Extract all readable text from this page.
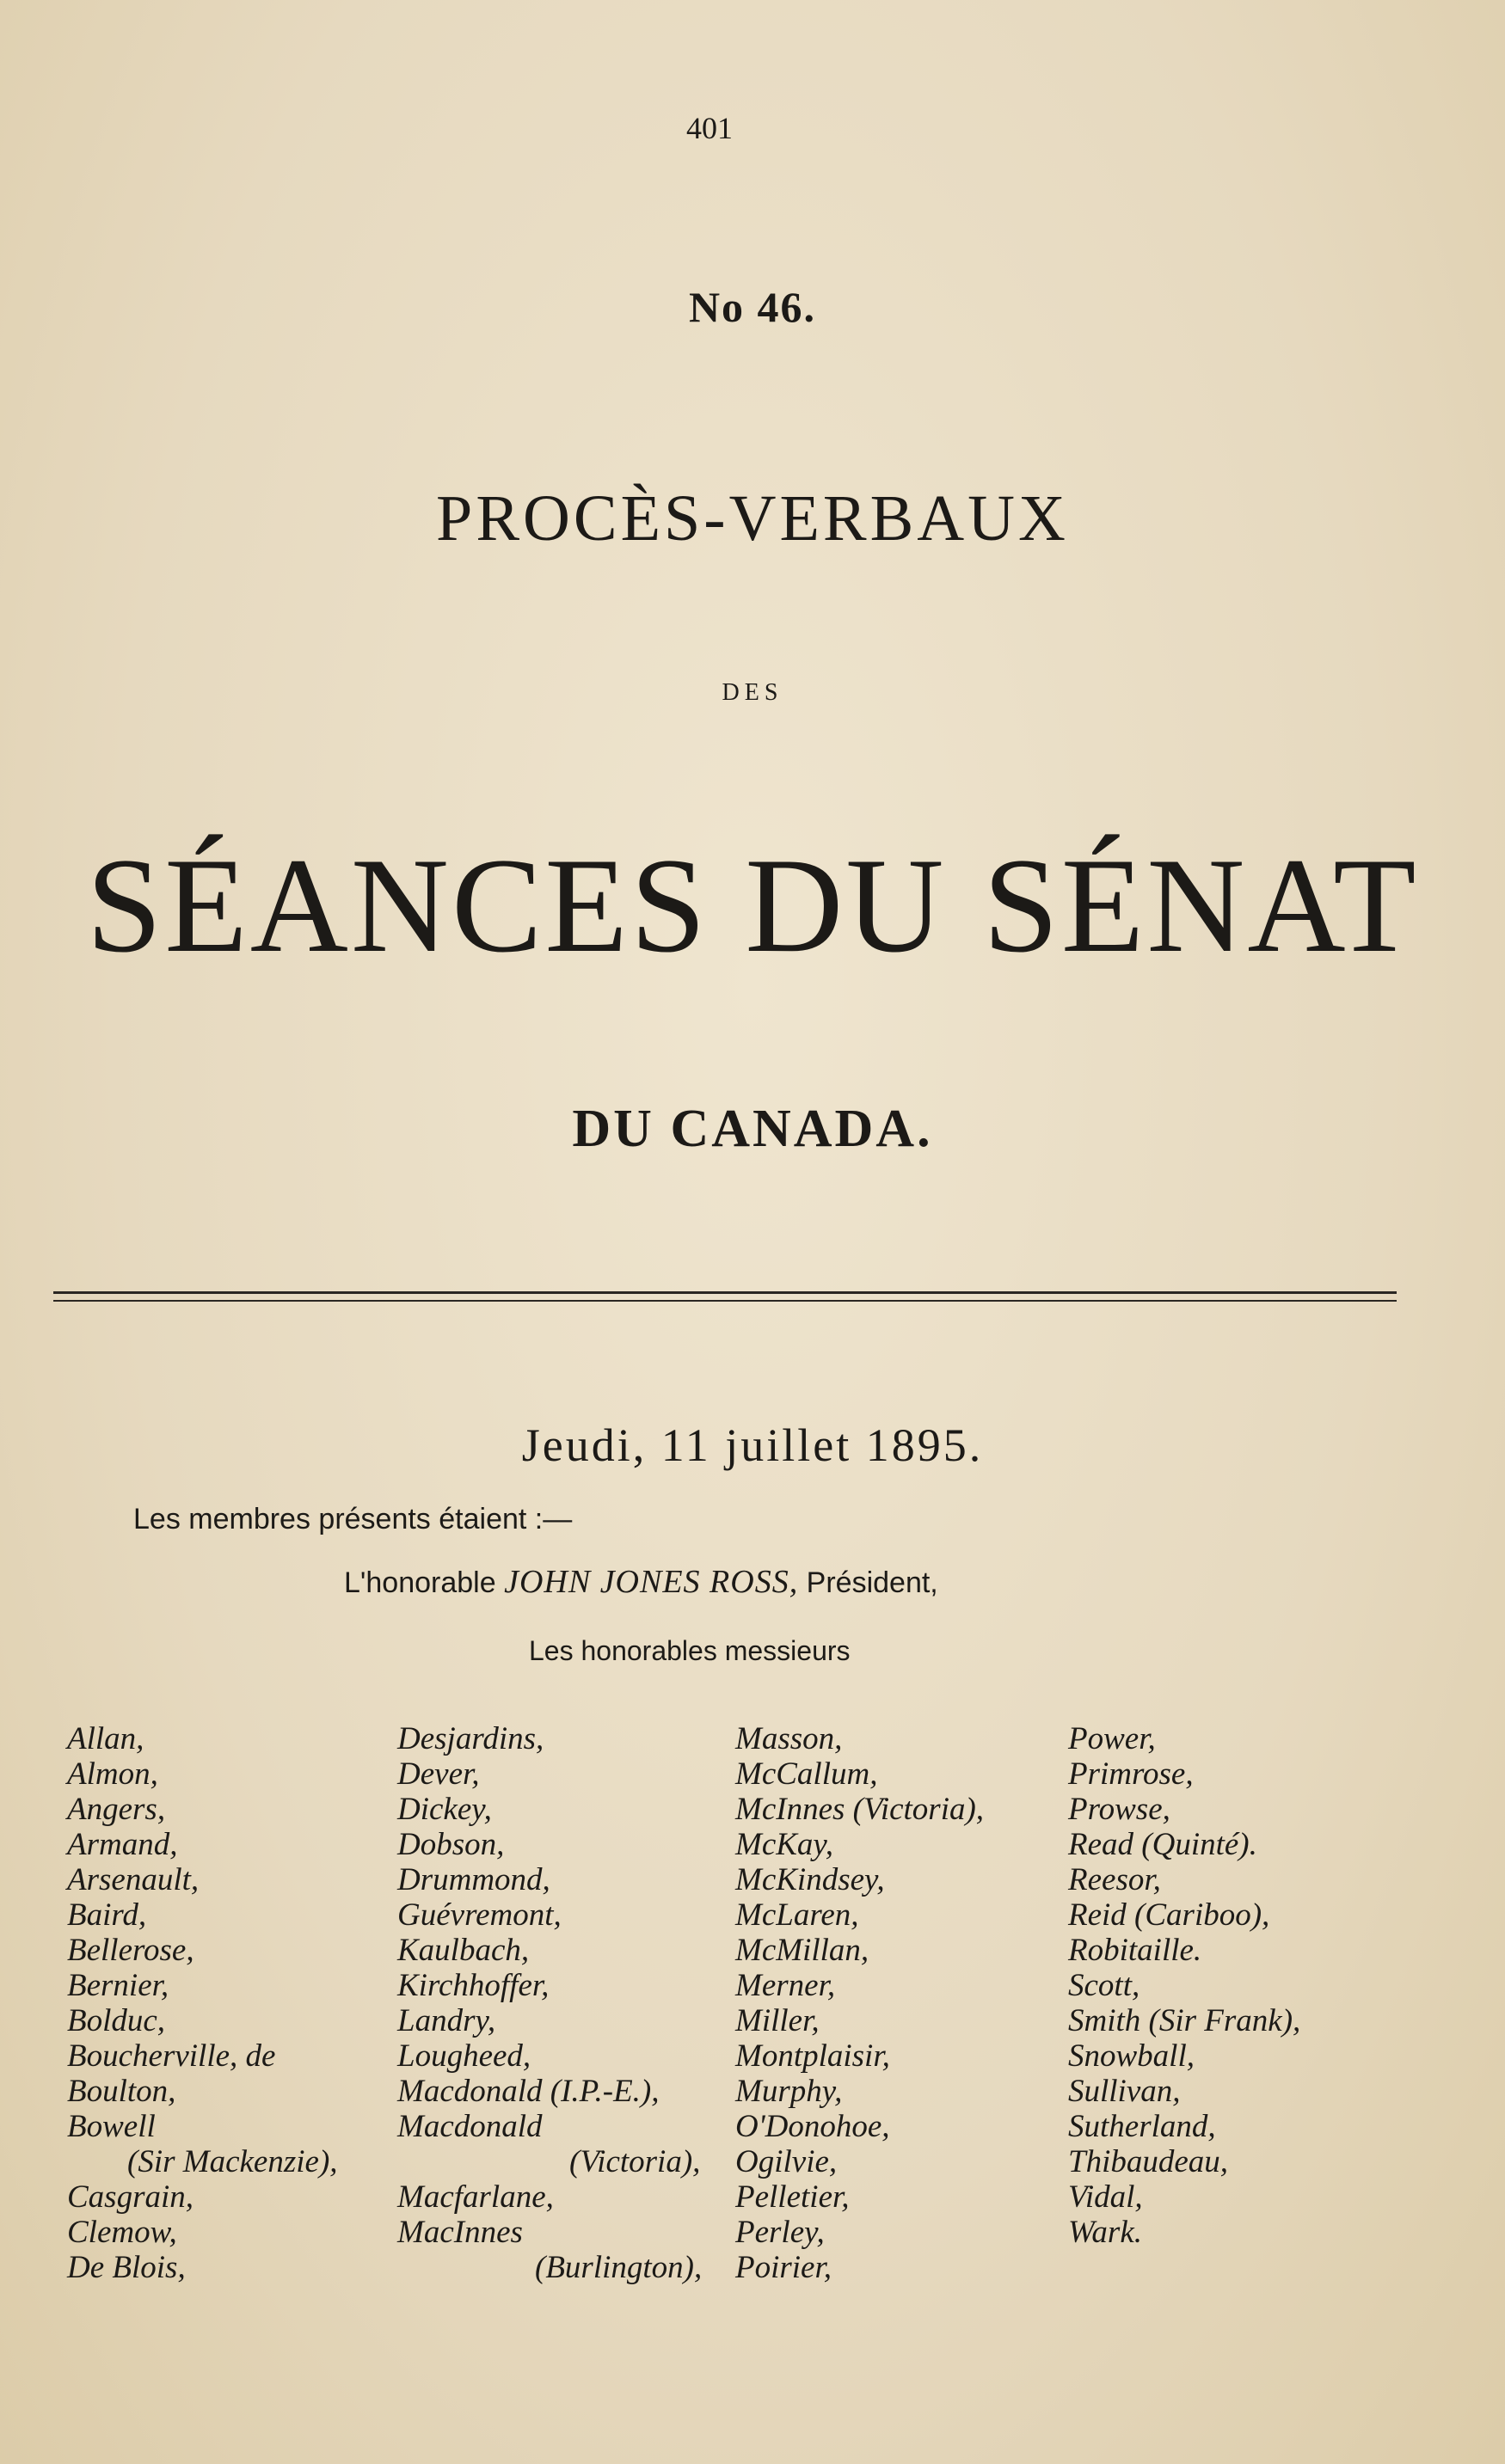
401
No 46.
PROCÈS-VERBAUX
DES
SÉANCES DU SÉNAT
DU CANADA.
Jeudi, 11 juillet 1895.
Les membres présents étaient :—
L'honorable JOHN JONES ROSS, Président,
Les honorables messieurs
Allan,
Almon,
Angers,
Armand,
Arsenault,
Baird,
Bellerose,
Bernier,
Bolduc,
Boucherville, de
Boulton,
Bowell
(Sir Mackenzie),
Casgrain,
Clemow,
De Blois,
Desjardins,
Dever,
Dickey,
Dobson,
Drummond,
Guévremont,
Kaulbach,
Kirchhoffer,
Landry,
Lougheed,
Macdonald (I.P.-E.),
Macdonald
(Victoria),
Macfarlane,
MacInnes
(Burlington),
Masson,
McCallum,
McInnes (Victoria),
McKay,
McKindsey,
McLaren,
McMillan,
Merner,
Miller,
Montplaisir,
Murphy,
O'Donohoe,
Ogilvie,
Pelletier,
Perley,
Poirier,
Power,
Primrose,
Prowse,
Read (Quinté).
Reesor,
Reid (Cariboo),
Robitaille.
Scott,
Smith (Sir Frank),
Snowball,
Sullivan,
Sutherland,
Thibaudeau,
Vidal,
Wark.
